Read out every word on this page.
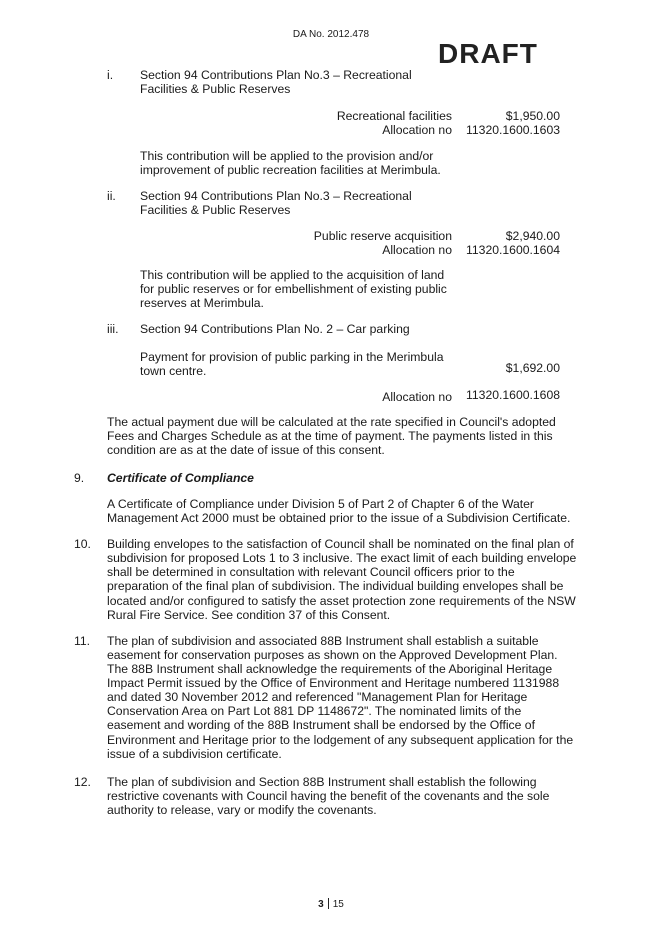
DA No. 2012.478
DRAFT
i.	Section 94 Contributions Plan No.3 – Recreational
Facilities & Public Reserves
Recreational facilities	$1,950.00
Allocation no	11320.1600.1603
This contribution will be applied to the provision and/or
improvement of public recreation facilities at Merimbula.
ii.	Section 94 Contributions Plan No.3 – Recreational
Facilities & Public Reserves
Public reserve acquisition	$2,940.00
Allocation no	11320.1600.1604
This contribution will be applied to the acquisition of land
for public reserves or for embellishment of existing public
reserves at Merimbula.
iii.	Section 94 Contributions Plan No. 2 – Car parking
Payment for provision of public parking in the Merimbula
town centre.	$1,692.00
Allocation no	11320.1600.1608
The actual payment due will be calculated at the rate specified in Council's adopted
Fees and Charges Schedule as at the time of payment. The payments listed in this
condition are as at the date of issue of this consent.
9.	Certificate of Compliance
A Certificate of Compliance under Division 5 of Part 2 of Chapter 6 of the Water
Management Act 2000 must be obtained prior to the issue of a Subdivision Certificate.
10.	Building envelopes to the satisfaction of Council shall be nominated on the final plan of
subdivision for proposed Lots 1 to 3 inclusive. The exact limit of each building envelope
shall be determined in consultation with relevant Council officers prior to the
preparation of the final plan of subdivision. The individual building envelopes shall be
located and/or configured to satisfy the asset protection zone requirements of the NSW
Rural Fire Service. See condition 37 of this Consent.
11.	The plan of subdivision and associated 88B Instrument shall establish a suitable
easement for conservation purposes as shown on the Approved Development Plan.
The 88B Instrument shall acknowledge the requirements of the Aboriginal Heritage
Impact Permit issued by the Office of Environment and Heritage numbered 1131988
and dated 30 November 2012 and referenced "Management Plan for Heritage
Conservation Area on Part Lot 881 DP 1148672". The nominated limits of the
easement and wording of the 88B Instrument shall be endorsed by the Office of
Environment and Heritage prior to the lodgement of any subsequent application for the
issue of a subdivision certificate.
12.	The plan of subdivision and Section 88B Instrument shall establish the following
restrictive covenants with Council having the benefit of the covenants and the sole
authority to release, vary or modify the covenants.
3 15
